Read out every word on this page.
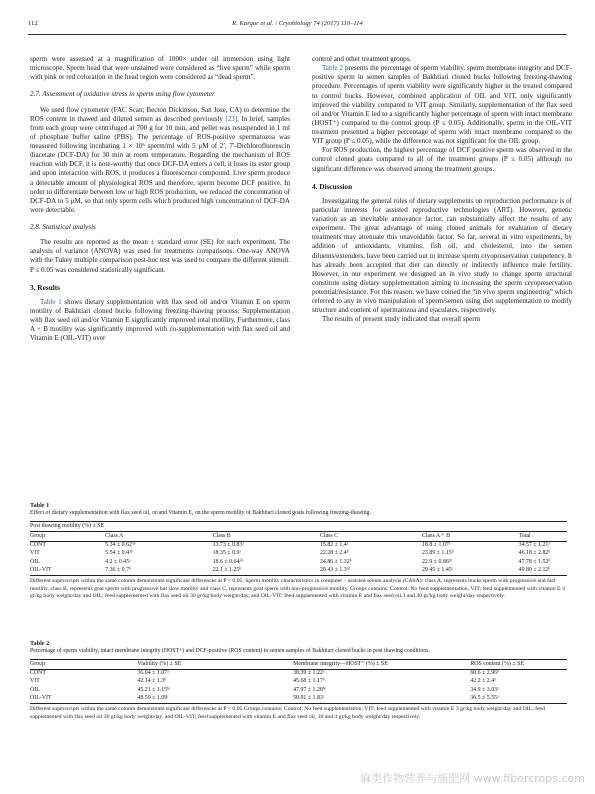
112	R. Kargar et al. / Cryobiology 74 (2017) 110–114

sperm were assessed at a magnification of 1000× under oil immersion using light microscope. Sperm head that were unstained were considered as “live sperm” while sperm with pink or red coloration in the head region were considered as “dead sperm”.

2.7. Assessment of oxidative stress in sperm using flow cytometer

We used flow cytometer (FAC Scan; Becton Dickinson, San Jose, CA) to determine the ROS content in thawed and diluted semen as described previously [23]. In brief, samples from each group were centrifuged at 700 g for 10 min, and pellet was resuspended in 1 ml of phosphate buffer saline (PBS). The percentage of ROS-positive spermatozoa was measured following incubating 1 × 10⁶ sperm/ml with 5 μM of 2′, 7′-Dichlorofluorescin diacetate (DCF-DA) for 30 min at room temperature. Regarding the mechanism of ROS reaction with DCF, it is note-worthy that once DCF-DA enters a cell, it loses its ester group and upon interaction with ROS, it produces a fluorescence compound. Live sperm produce a detectable amount of physiological ROS and therefore, sperm become DCF positive. In order to differentiate between low or high ROS production, we reduced the concentration of DCF-DA to 5 μM, so that only sperm cells which produced high concentration of DCF-DA were detectable.

2.8. Statistical analysis

The results are reported as the mean ± standard error (SE) for each experiment. The analysis of variance (ANOVA) was used for treatments comparisons. One-way ANOVA with the Tukey multiple comparison post-hoc test was used to compare the different stimuli. P ≤ 0.05 was considered statistically significant.

3. Results

Table 1 shows dietary supplementation with flax seed oil and/or Vitamin E on sperm motility of Bakhtiari cloned bucks following freezing-thawing process. Supplementation with flax seed oil and/or Vitamin E significantly improved total motility. Furthermore, class A + B motility was significantly improved with co-supplementation with flax seed oil and Vitamin E (OIL-VIT) over

control and other treatment groups.

Table 2 presents the percentage of sperm viability, sperm membrane integrity and DCF-positive sperm in semen samples of Bakhtiari cloned bucks following freezing-thawing procedure. Percentages of sperm viability were significantly higher in the treated compared to control bucks. However, combined application of OIL and VIT, only significantly improved the viability compared to VIT group. Similarly, supplementation of the flax seed oil and/or Vitamin E led to a significantly higher percentage of sperm with intact membrane (HOST⁺) compared to the control group (P ≤ 0.05). Additionally, sperm in the OIL-VIT treatment presented a higher percentage of sperm with intact membrane compared to the VIT group (P ≤ 0.05), while the difference was not significant for the OIL group.

For ROS production, the highest percentage of DCF positive sperm was observed in the control cloned goats compared to all of the treatment groups (P ≤ 0.05) although no significant difference was observed among the treatment groups.

4. Discussion

Investigating the general roles of dietary supplements on reproduction performance is of particular interests for assisted reproductive technologies (ART). However, genetic variation as an inevitable annoyance factor, can substantially affect the results of any experiment. The great advantage of using cloned animals for evaluation of dietary treatments may attenuate this unavoidable factor. So far, several in vitro experiments, by addition of antioxidants, vitamins, fish oil, and cholesterol, into the semen diluents/extenders, have been carried out to increase sperm cryopreservation competency. It has already been accepted that diet can directly or indirectly influence male fertility. However, in our experiment we designed an in vivo study to change sperm structural constitute using dietary supplementation aiming to increasing the sperm cryopreservation potential/resistance. For this reason, we have coined the “in vivo sperm engineering” which referred to any in vivo manipulation of sperm/semen using diet supplementation to modify structure and content of spermatozoa and ejaculates, respectively.

The results of present study indicated that overall sperm

Table 1
Effect of dietary supplementation with flax seed oil, or/and Vitamin E, on the sperm motility of Bakhtiari cloned goats following freezing-thawing.
Post thawing motility (%) ± SE					
Group	Class A	Class B	Class C	Class A + B	Total
CONT	5.34 ± 0.62ᵃᵇ	13.73 ± 0.83ᵃ	15.82 ± 1.4ᵃ	18.8 ± 1.07ᵃ	34.57 ± 1.21ᵃ
VIT	5.54 ± 0.4ᵃᵇ	18.35 ± 0.9ᵃ	22.28 ± 2.4ᵇ	23.89 ± 1.15ᵇ	46.18 ± 2.82ᵇ
OIL	4.2 ± 0.45ᵃ	18.6 ± 0.64ᵃᵇ	24.86 ± 1.32ᵇ	22.9 ± 0.86ᵃᵇ	47.78 ± 1.52ᵇ
OIL-VIT	7.36 ± 0.7ᵇ	22.1 ± 1.25ᵇ	20.43 ± 1.3ᵃᵇ	29.45 ± 1.45ᶜ	49.89 ± 2.12ᵇ
Different superscripts within the same column demonstrate significant differences at P < 0.05. Sperm motility characteristics in computer – assisted semen analysis (CASA): class A, represents bucks sperm with progressive and fast motility, class B, represents goat sperm with progressive but slow motility and class C, represents goat sperm with non-progressive motility. Groups contains: Control; No feed supplementation, VIT; feed supplemented with vitamin E 3 gr/kg body weight/day and OIL; feed supplemented with flax seed oil 30 gr/kg body weight/day, and OIL-VIT; feed supplemented with vitamin E and flax seed oil,3 and 30 gr/kg body weight/day respectively.
Table 2
Percentage of sperm viability, intact membrane integrity (HOST+) and DCF-positive (ROS content) in semen samples of Bakhtiari cloned bucks in post thawing conditions.
Group	Viability (%) ± SE	Membrane integrity—HOST⁺ (%) ± SE	ROS content (%) ± SE
CONT	36.04 ± 1.07ᵃ	38.39 ± 1.22ᵃ	60.6 ± 2.96ᵇ
VIT	42.14 ± 1.3ᵇ	45.68 ± 1.17ᵇ	42.2 ± 2.4ᵃ
OIL	45.21 ± 1.15ᵇᶜ	47.97 ± 1.28ᵇᶜ	34.9 ± 3.03ᵃ
OIL-VIT	48.59 ± 1.09ᶜ	50.91 ± 1.83ᶜ	36.5 ± 5.55ᵃ
Different superscripts within the same column demonstrate significant differences at P < 0.05.Groups contains: Control; No feed supplementation, VIT; feed supplemented with vitamin E 3 gr/kg body weight/day and OIL; feed supplemented with flax seed oil 30 gr/kg body weight/day, and OIL-VIT; feed supplemented with vitamin E and flax seed oil, 30 and 3 gr/kg body weight/day respectively.
麻类作物营养与施肥网 www.fibercrops.com
